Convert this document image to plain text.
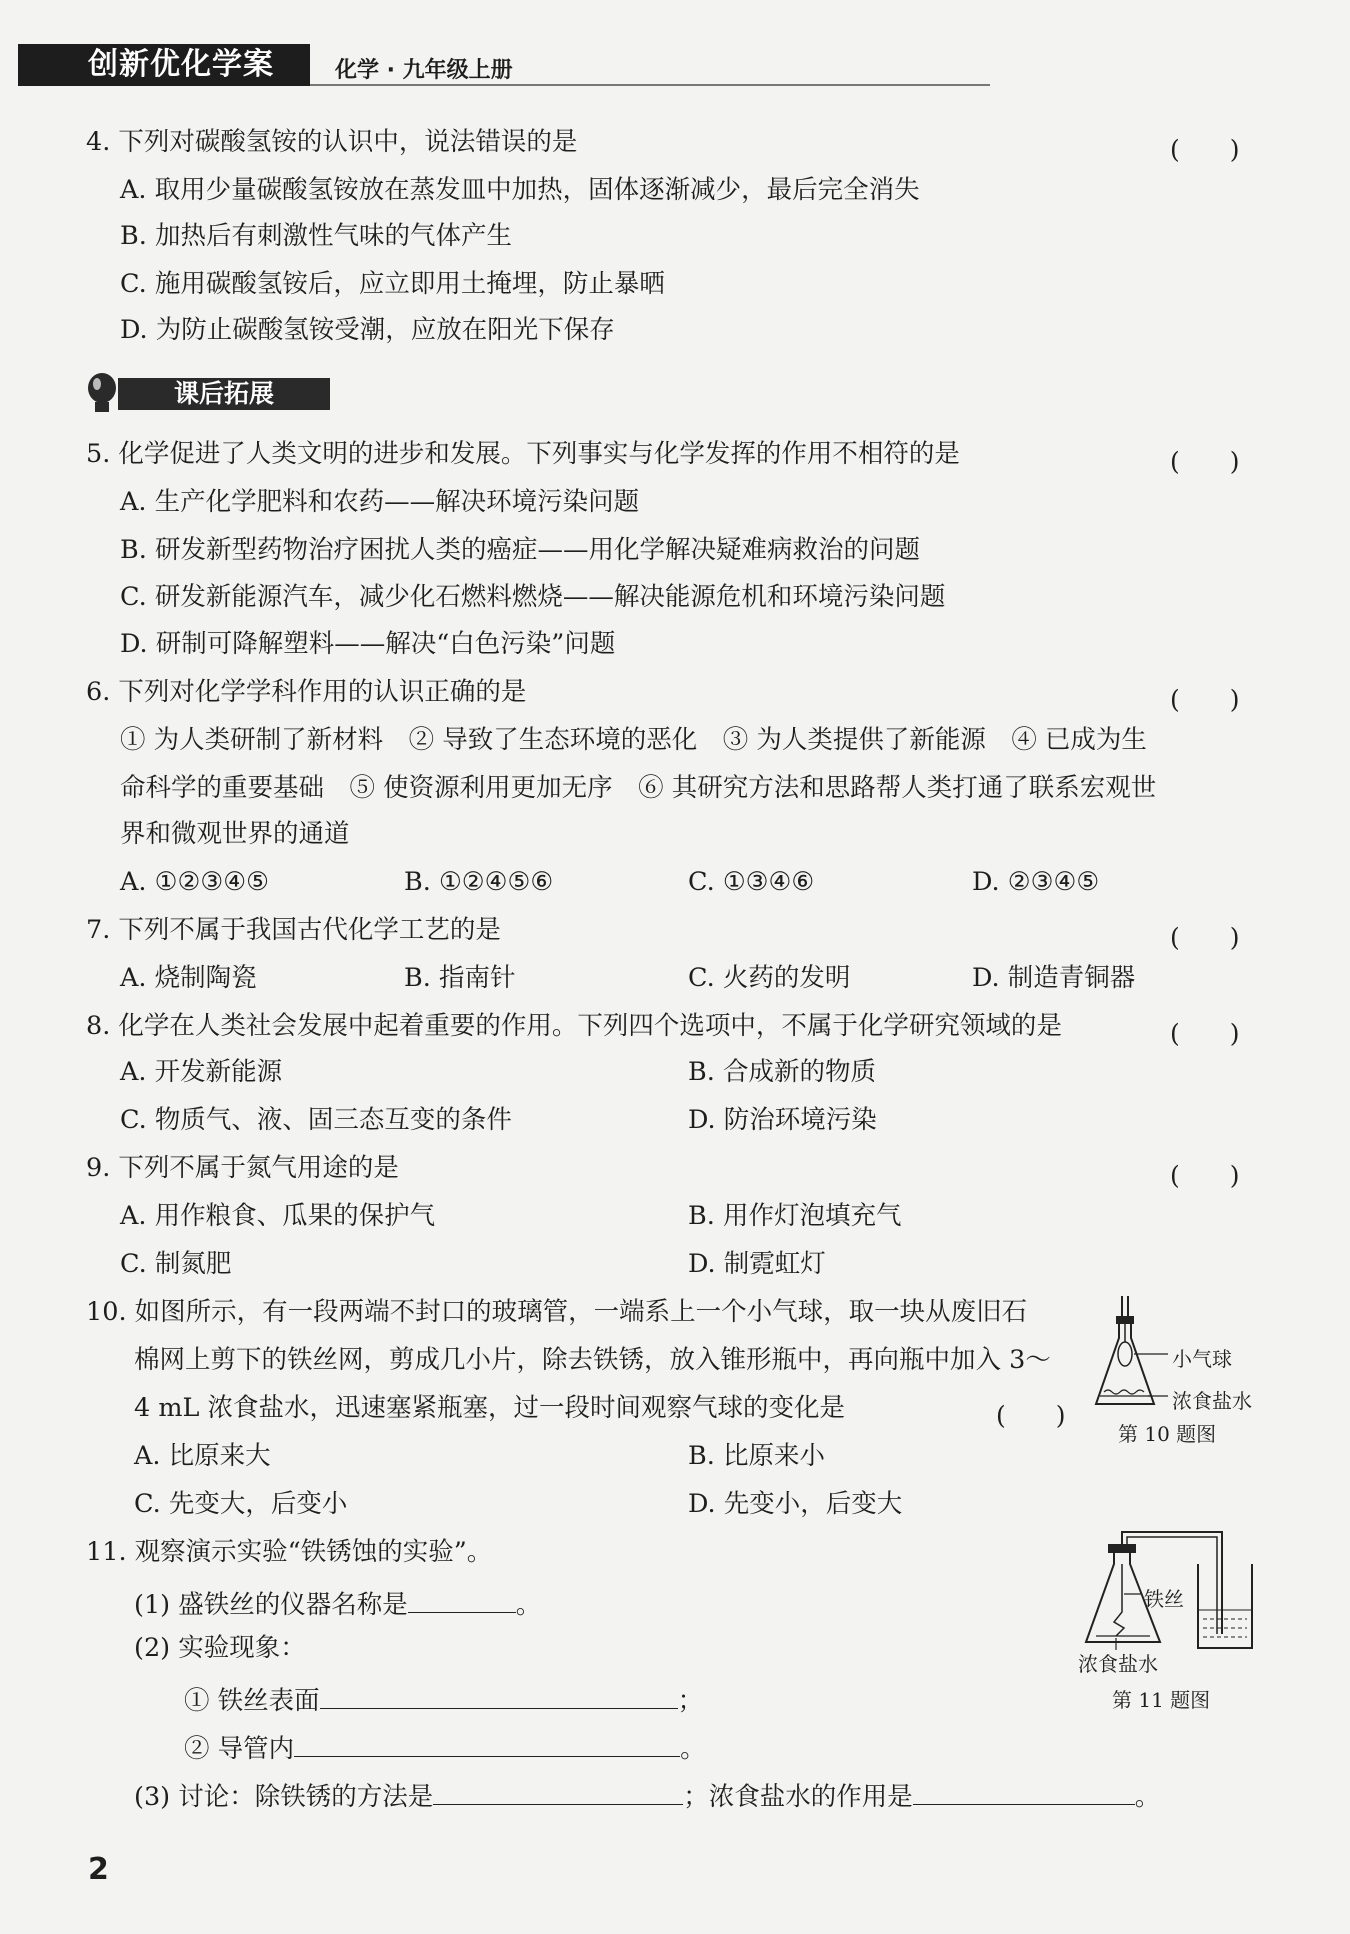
创新优化学案	化学 · 九年级上册
4. 下列对碳酸氢铵的认识中，说法错误的是	(　　)
A. 取用少量碳酸氢铵放在蒸发皿中加热，固体逐渐减少，最后完全消失
B. 加热后有刺激性气味的气体产生
C. 施用碳酸氢铵后，应立即用土掩埋，防止暴晒
D. 为防止碳酸氢铵受潮，应放在阳光下保存
课后拓展
5. 化学促进了人类文明的进步和发展。下列事实与化学发挥的作用不相符的是	(　　)
A. 生产化学肥料和农药——解决环境污染问题
B. 研发新型药物治疗困扰人类的癌症——用化学解决疑难病救治的问题
C. 研发新能源汽车，减少化石燃料燃烧——解决能源危机和环境污染问题
D. 研制可降解塑料——解决“白色污染”问题
6. 下列对化学学科作用的认识正确的是	(　　)
① 为人类研制了新材料　② 导致了生态环境的恶化　③ 为人类提供了新能源　④ 已成为生
命科学的重要基础　⑤ 使资源利用更加无序　⑥ 其研究方法和思路帮人类打通了联系宏观世
界和微观世界的通道
A. ①②③④⑤	B. ①②④⑤⑥	C. ①③④⑥	D. ②③④⑤
7. 下列不属于我国古代化学工艺的是	(　　)
A. 烧制陶瓷	B. 指南针	C. 火药的发明	D. 制造青铜器
8. 化学在人类社会发展中起着重要的作用。下列四个选项中，不属于化学研究领域的是	(　　)
A. 开发新能源	B. 合成新的物质
C. 物质气、液、固三态互变的条件	D. 防治环境污染
9. 下列不属于氮气用途的是	(　　)
A. 用作粮食、瓜果的保护气	B. 用作灯泡填充气
C. 制氮肥	D. 制霓虹灯
10. 如图所示，有一段两端不封口的玻璃管，一端系上一个小气球，取一块从废旧石
棉网上剪下的铁丝网，剪成几小片，除去铁锈，放入锥形瓶中，再向瓶中加入 3～
4 mL 浓食盐水，迅速塞紧瓶塞，过一段时间观察气球的变化是	(　　)
A. 比原来大	B. 比原来小
C. 先变大，后变小	D. 先变小，后变大
小气球
浓食盐水
第 10 题图
11. 观察演示实验“铁锈蚀的实验”。
(1) 盛铁丝的仪器名称是	。
(2) 实验现象：
① 铁丝表面	；
② 导管内	。
(3) 讨论：除铁锈的方法是	；浓食盐水的作用是	。
铁丝
浓食盐水
第 11 题图
2
